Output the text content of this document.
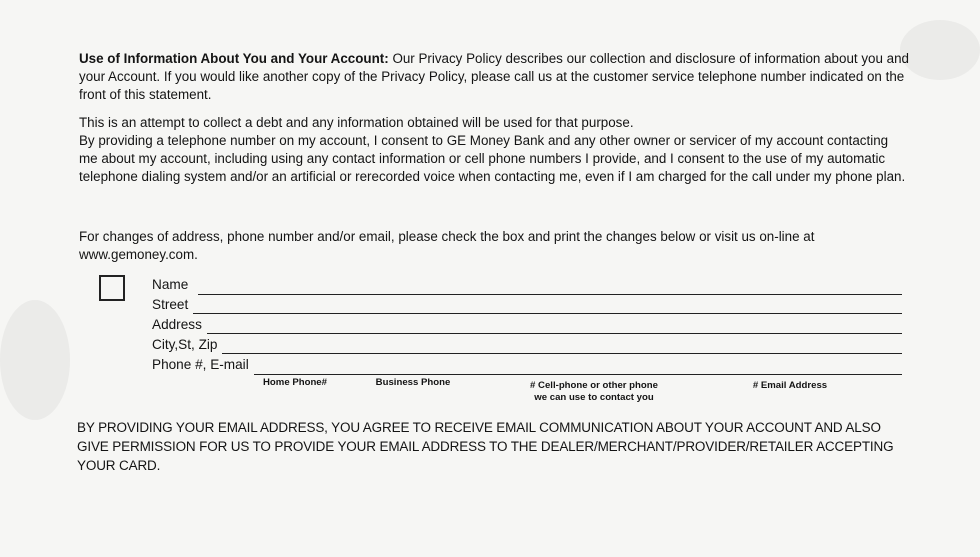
Use of Information About You and Your Account: Our Privacy Policy describes our collection and disclosure of information about you and your Account. If you would like another copy of the Privacy Policy, please call us at the customer service telephone number indicated on the front of this statement.

This is an attempt to collect a debt and any information obtained will be used for that purpose.

By providing a telephone number on my account, I consent to GE Money Bank and any other owner or servicer of my account contacting me about my account, including using any contact information or cell phone numbers I provide, and I consent to the use of my automatic telephone dialing system and/or an artificial or rerecorded voice when contacting me, even if I am charged for the call under my phone plan.

For changes of address, phone number and/or email, please check the box and print the changes below or visit us on-line at www.gemoney.com.

Name
Street
Address
City,St, Zip
Phone #, E-mail
Home Phone#	Business Phone	# Cell-phone or other phone
we can use to contact you
# Email Address

BY PROVIDING YOUR EMAIL ADDRESS, YOU AGREE TO RECEIVE EMAIL COMMUNICATION ABOUT YOUR ACCOUNT AND ALSO GIVE PERMISSION FOR US TO PROVIDE YOUR EMAIL ADDRESS TO THE DEALER/MERCHANT/PROVIDER/RETAILER ACCEPTING YOUR CARD.
